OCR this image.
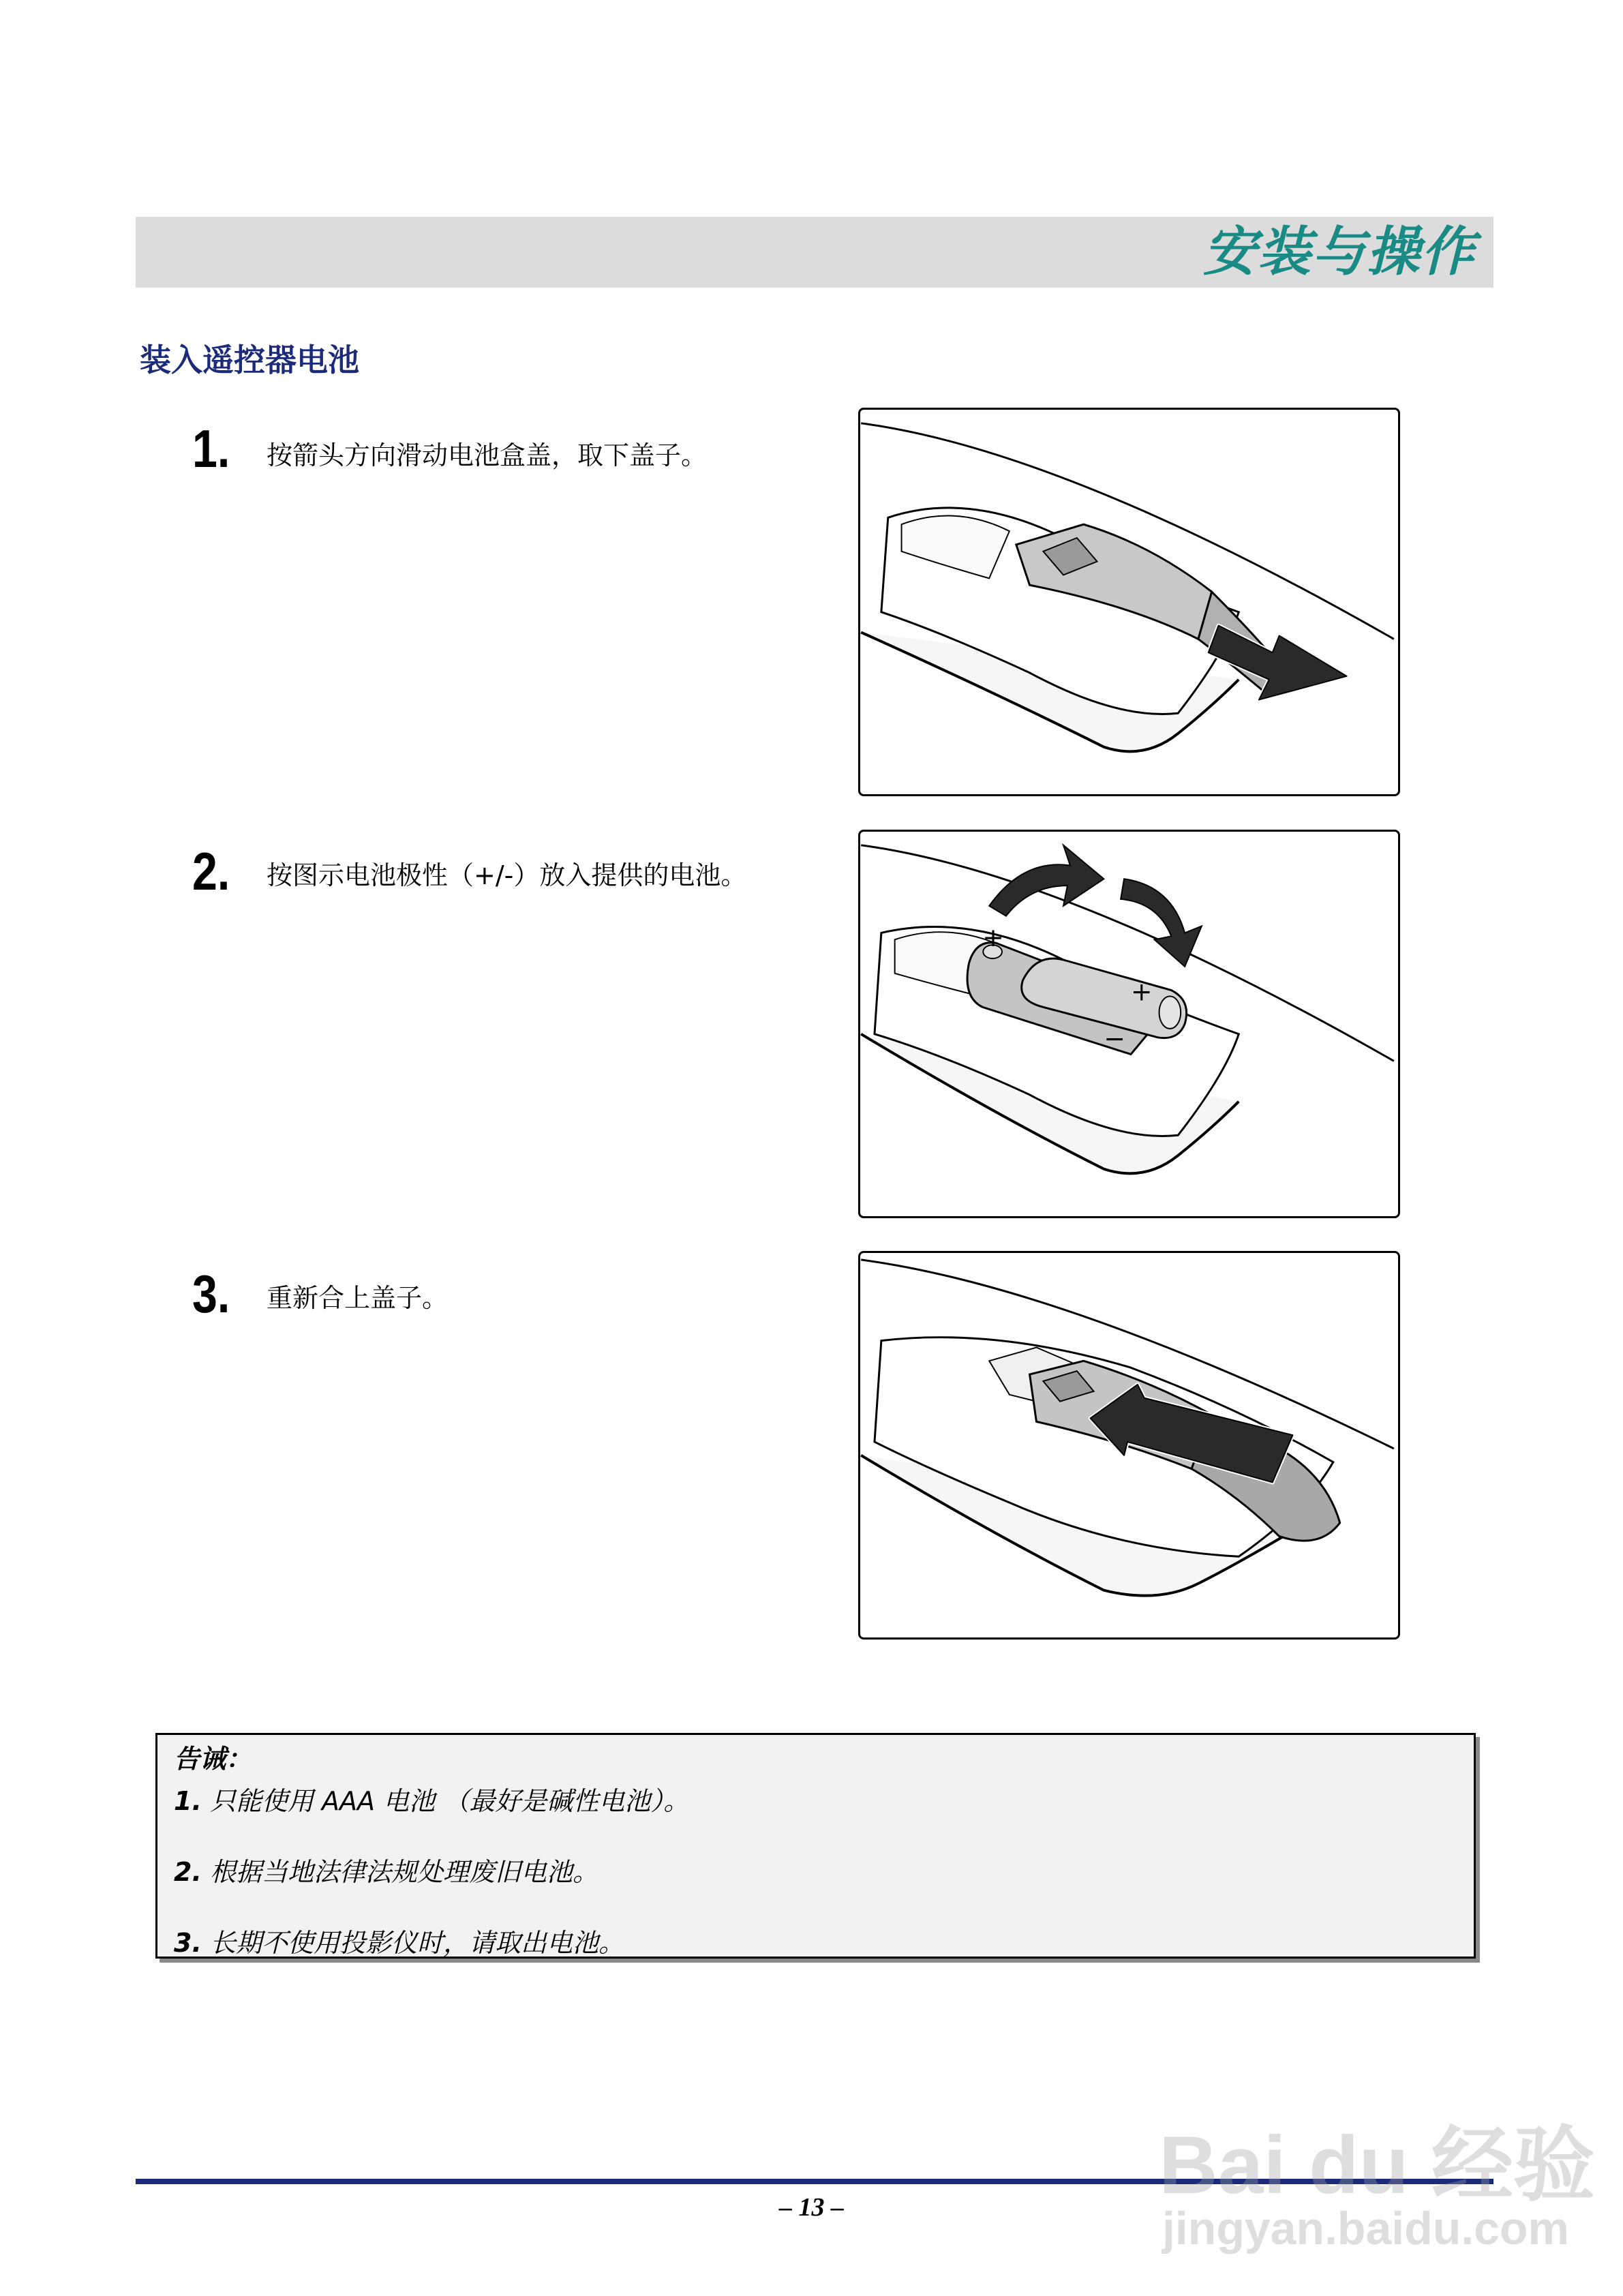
安装与操作
装入遥控器电池
1. 按箭头方向滑动电池盒盖，取下盖子。
2. 按图示电池极性（+/-）放入提供的电池。
3. 重新合上盖子。
+
−
+
告诫：
1. 只能使用 AAA 电池 （最好是碱性电池）。
2. 根据当地法律法规处理废旧电池。
3. 长期不使用投影仪时，请取出电池。
– 13 –	Bai du 经验
jingyan.baidu.com
